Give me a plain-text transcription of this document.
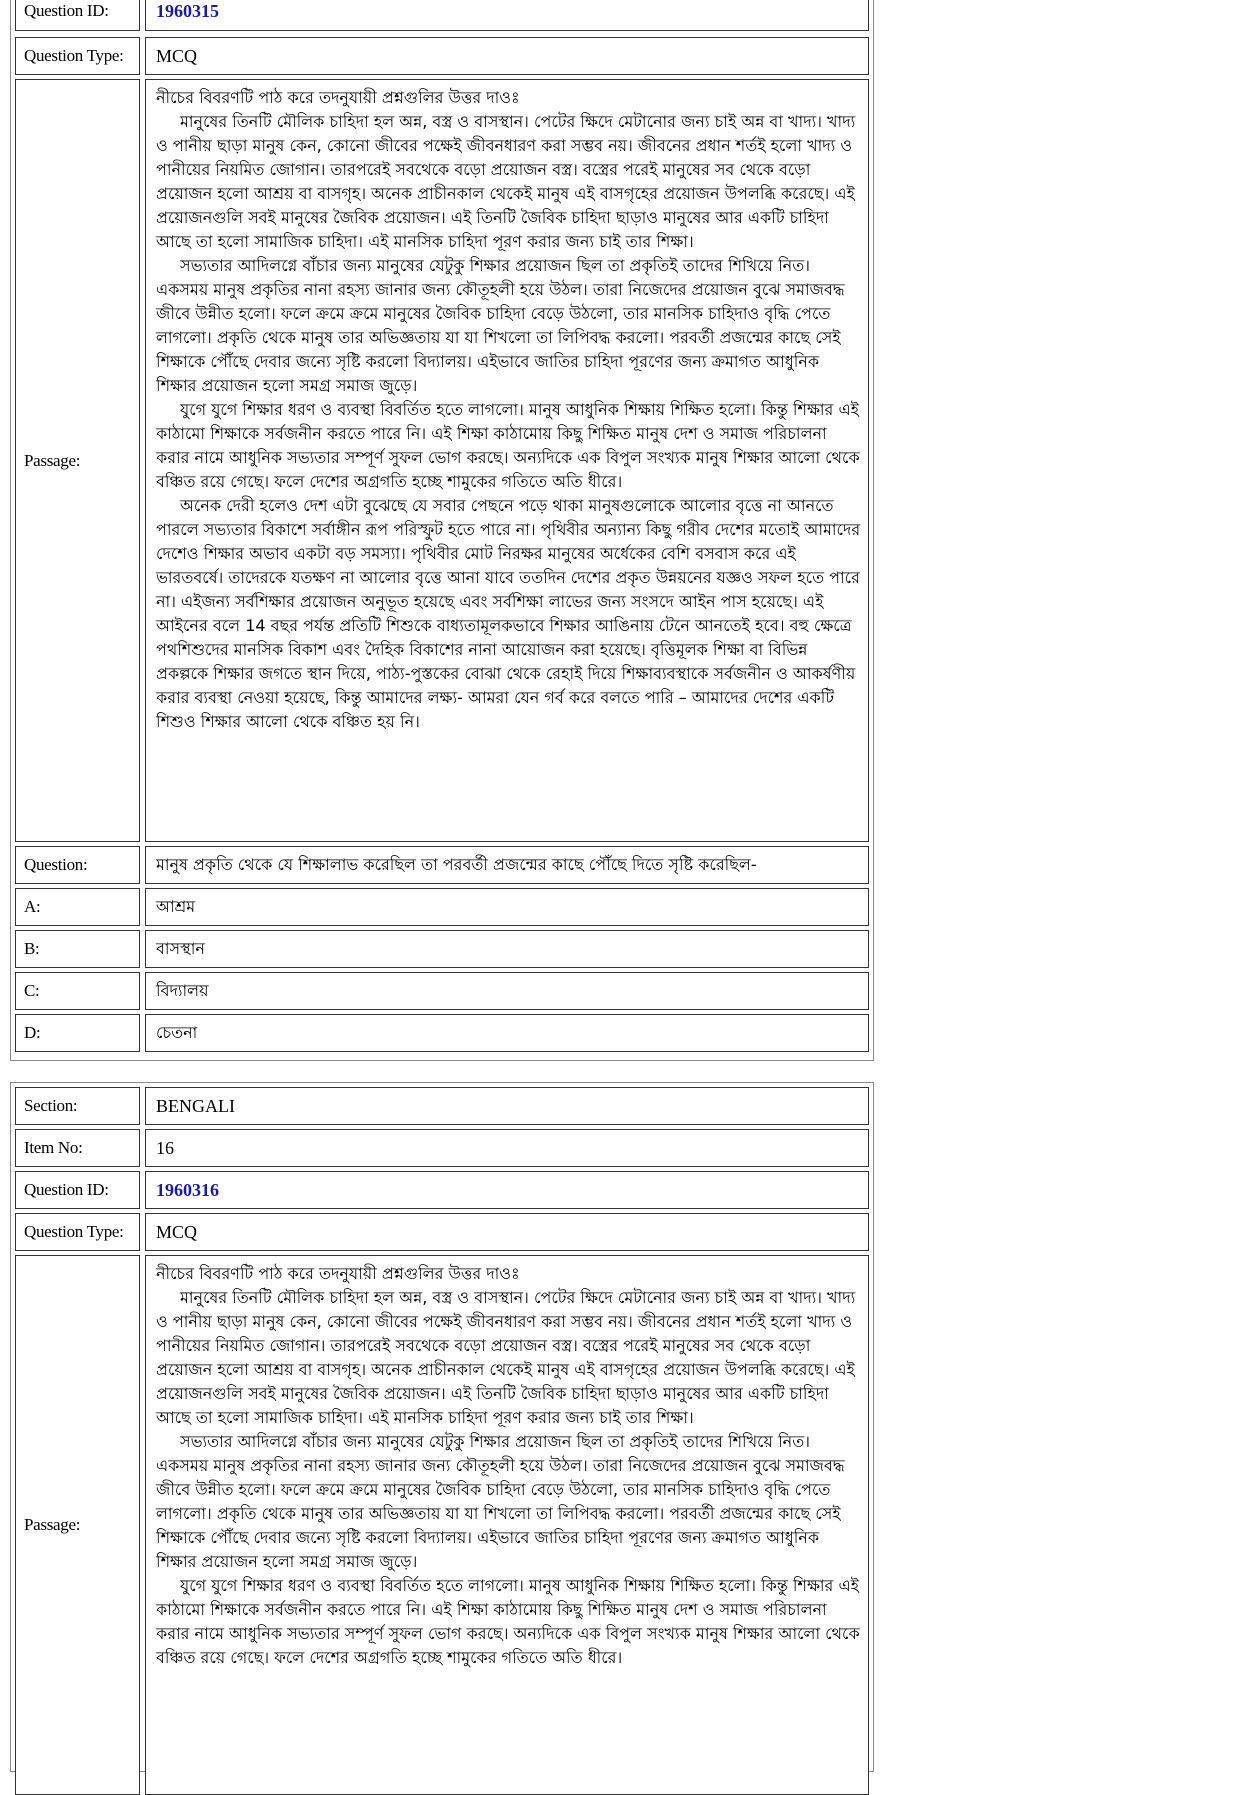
Question ID:	1960315
Question Type: MCQ
Passage:

নীচের বিবরণটি পাঠ করে তদনুযায়ী প্রশ্নগুলির উত্তর দাওঃ

মানুষের তিনটি মৌলিক চাহিদা হল অন্ন, বস্ত্র ও বাসস্থান। পেটের ক্ষিদে মেটানোর জন্য চাই অন্ন বা খাদ্য। খাদ্য ও পানীয় ছাড়া মানুষ কেন, কোনো জীবের পক্ষেই জীবনধারণ করা সম্ভব নয়। জীবনের প্রধান শর্তই হলো খাদ্য ও পানীয়ের নিয়মিত জোগান। তারপরেই সবথেকে বড়ো প্রয়োজন বস্ত্র। বস্ত্রের পরেই মানুষের সব থেকে বড়ো প্রয়োজন হলো আশ্রয় বা বাসগৃহ। অনেক প্রাচীনকাল থেকেই মানুষ এই বাসগৃহের প্রয়োজন উপলব্ধি করেছে। এই প্রয়োজনগুলি সবই মানুষের জৈবিক প্রয়োজন। এই তিনটি জৈবিক চাহিদা ছাড়াও মানুষের আর একটি চাহিদা আছে তা হলো সামাজিক চাহিদা। এই মানসিক চাহিদা পূরণ করার জন্য চাই তার শিক্ষা।

সভ্যতার আদিলগ্নে বাঁচার জন্য মানুষের যেটুকু শিক্ষার প্রয়োজন ছিল তা প্রকৃতিই তাদের শিখিয়ে নিত। একসময় মানুষ প্রকৃতির নানা রহস্য জানার জন্য কৌতূহলী হয়ে উঠল। তারা নিজেদের প্রয়োজন বুঝে সমাজবদ্ধ জীবে উন্নীত হলো। ফলে ক্রমে ক্রমে মানুষের জৈবিক চাহিদা বেড়ে উঠলো, তার মানসিক চাহিদাও বৃদ্ধি পেতে লাগলো। প্রকৃতি থেকে মানুষ তার অভিজ্ঞতায় যা যা শিখলো তা লিপিবদ্ধ করলো। পরবর্তী প্রজন্মের কাছে সেই শিক্ষাকে পৌঁছে দেবার জন্যে সৃষ্টি করলো বিদ্যালয়। এইভাবে জাতির চাহিদা পূরণের জন্য ক্রমাগত আধুনিক শিক্ষার প্রয়োজন হলো সমগ্র সমাজ জুড়ে।

যুগে যুগে শিক্ষার ধরণ ও ব্যবস্থা বিবর্তিত হতে লাগলো। মানুষ আধুনিক শিক্ষায় শিক্ষিত হলো। কিন্তু শিক্ষার এই কাঠামো শিক্ষাকে সর্বজনীন করতে পারে নি। এই শিক্ষা কাঠামোয় কিছু শিক্ষিত মানুষ দেশ ও সমাজ পরিচালনা করার নামে আধুনিক সভ্যতার সম্পূর্ণ সুফল ভোগ করছে। অন্যদিকে এক বিপুল সংখ্যক মানুষ শিক্ষার আলো থেকে বঞ্চিত রয়ে গেছে। ফলে দেশের অগ্রগতি হচ্ছে শামুকের গতিতে অতি ধীরে।

অনেক দেরী হলেও দেশ এটা বুঝেছে যে সবার পেছনে পড়ে থাকা মানুষগুলোকে আলোর বৃত্তে না আনতে পারলে সভ্যতার বিকাশে সর্বাঙ্গীন রূপ পরিস্ফুট হতে পারে না। পৃথিবীর অন্যান্য কিছু গরীব দেশের মতোই আমাদের দেশেও শিক্ষার অভাব একটা বড় সমস্যা। পৃথিবীর মোট নিরক্ষর মানুষের অর্ধেকের বেশি বসবাস করে এই ভারতবর্ষে। তাদেরকে যতক্ষণ না আলোর বৃত্তে আনা যাবে ততদিন দেশের প্রকৃত উন্নয়নের যজ্ঞও সফল হতে পারে না। এইজন্য সর্বশিক্ষার প্রয়োজন অনুভূত হয়েছে এবং সর্বশিক্ষা লাভের জন্য সংসদে আইন পাস হয়েছে। এই আইনের বলে 14 বছর পর্যন্ত প্রতিটি শিশুকে বাধ্যতামূলকভাবে শিক্ষার আঙিনায় টেনে আনতেই হবে। বহু ক্ষেত্রে পথশিশুদের মানসিক বিকাশ এবং দৈহিক বিকাশের নানা আয়োজন করা হয়েছে। বৃত্তিমূলক শিক্ষা বা বিভিন্ন প্রকল্পকে শিক্ষার জগতে স্থান দিয়ে, পাঠ্য-পুস্তকের বোঝা থেকে রেহাই দিয়ে শিক্ষাব্যবস্থাকে সর্বজনীন ও আকর্ষণীয় করার ব্যবস্থা নেওয়া হয়েছে, কিন্তু আমাদের লক্ষ্য- আমরা যেন গর্ব করে বলতে পারি – আমাদের দেশের একটি শিশুও শিক্ষার আলো থেকে বঞ্চিত হয় নি।

Question:	মানুষ প্রকৃতি থেকে যে শিক্ষালাভ করেছিল তা পরবর্তী প্রজন্মের কাছে পৌঁছে দিতে সৃষ্টি করেছিল-
A:	আশ্রম
B:	বাসস্থান
C:	বিদ্যালয়
D:	চেতনা
Section:	BENGALI
Item No:	16
Question ID:	1960316
Question Type: MCQ
Passage:

নীচের বিবরণটি পাঠ করে তদনুযায়ী প্রশ্নগুলির উত্তর দাওঃ

মানুষের তিনটি মৌলিক চাহিদা হল অন্ন, বস্ত্র ও বাসস্থান। পেটের ক্ষিদে মেটানোর জন্য চাই অন্ন বা খাদ্য। খাদ্য ও পানীয় ছাড়া মানুষ কেন, কোনো জীবের পক্ষেই জীবনধারণ করা সম্ভব নয়। জীবনের প্রধান শর্তই হলো খাদ্য ও পানীয়ের নিয়মিত জোগান। তারপরেই সবথেকে বড়ো প্রয়োজন বস্ত্র। বস্ত্রের পরেই মানুষের সব থেকে বড়ো প্রয়োজন হলো আশ্রয় বা বাসগৃহ। অনেক প্রাচীনকাল থেকেই মানুষ এই বাসগৃহের প্রয়োজন উপলব্ধি করেছে। এই প্রয়োজনগুলি সবই মানুষের জৈবিক প্রয়োজন। এই তিনটি জৈবিক চাহিদা ছাড়াও মানুষের আর একটি চাহিদা আছে তা হলো সামাজিক চাহিদা। এই মানসিক চাহিদা পূরণ করার জন্য চাই তার শিক্ষা।

সভ্যতার আদিলগ্নে বাঁচার জন্য মানুষের যেটুকু শিক্ষার প্রয়োজন ছিল তা প্রকৃতিই তাদের শিখিয়ে নিত। একসময় মানুষ প্রকৃতির নানা রহস্য জানার জন্য কৌতূহলী হয়ে উঠল। তারা নিজেদের প্রয়োজন বুঝে সমাজবদ্ধ জীবে উন্নীত হলো। ফলে ক্রমে ক্রমে মানুষের জৈবিক চাহিদা বেড়ে উঠলো, তার মানসিক চাহিদাও বৃদ্ধি পেতে লাগলো। প্রকৃতি থেকে মানুষ তার অভিজ্ঞতায় যা যা শিখলো তা লিপিবদ্ধ করলো। পরবর্তী প্রজন্মের কাছে সেই শিক্ষাকে পৌঁছে দেবার জন্যে সৃষ্টি করলো বিদ্যালয়। এইভাবে জাতির চাহিদা পূরণের জন্য ক্রমাগত আধুনিক শিক্ষার প্রয়োজন হলো সমগ্র সমাজ জুড়ে।

যুগে যুগে শিক্ষার ধরণ ও ব্যবস্থা বিবর্তিত হতে লাগলো। মানুষ আধুনিক শিক্ষায় শিক্ষিত হলো। কিন্তু শিক্ষার এই কাঠামো শিক্ষাকে সর্বজনীন করতে পারে নি। এই শিক্ষা কাঠামোয় কিছু শিক্ষিত মানুষ দেশ ও সমাজ পরিচালনা করার নামে আধুনিক সভ্যতার সম্পূর্ণ সুফল ভোগ করছে। অন্যদিকে এক বিপুল সংখ্যক মানুষ শিক্ষার আলো থেকে বঞ্চিত রয়ে গেছে। ফলে দেশের অগ্রগতি হচ্ছে শামুকের গতিতে অতি ধীরে।
